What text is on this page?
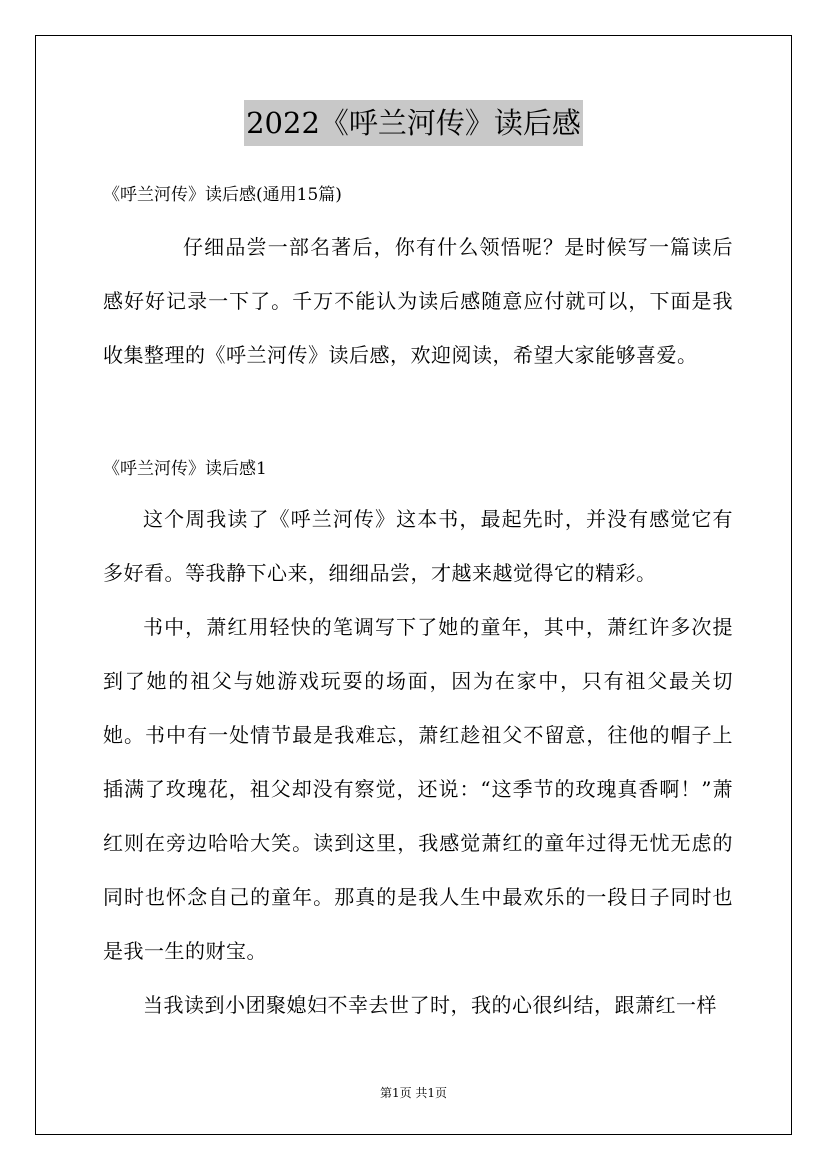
2022《呼兰河传》读后感
《呼兰河传》读后感(通用15篇)

仔细品尝一部名著后，你有什么领悟呢？是时候写一篇读后感好好记录一下了。千万不能认为读后感随意应付就可以，下面是我收集整理的《呼兰河传》读后感，欢迎阅读，希望大家能够喜爱。

《呼兰河传》读后感1

这个周我读了《呼兰河传》这本书，最起先时，并没有感觉它有多好看。等我静下心来，细细品尝，才越来越觉得它的精彩。

书中，萧红用轻快的笔调写下了她的童年，其中，萧红许多次提到了她的祖父与她游戏玩耍的场面，因为在家中，只有祖父最关切她。书中有一处情节最是我难忘，萧红趁祖父不留意，往他的帽子上插满了玫瑰花，祖父却没有察觉，还说：“这季节的玫瑰真香啊！”萧红则在旁边哈哈大笑。读到这里，我感觉萧红的童年过得无忧无虑的同时也怀念自己的童年。那真的是我人生中最欢乐的一段日子同时也是我一生的财宝。

当我读到小团聚媳妇不幸去世了时，我的心很纠结，跟萧红一样

第1页 共1页
